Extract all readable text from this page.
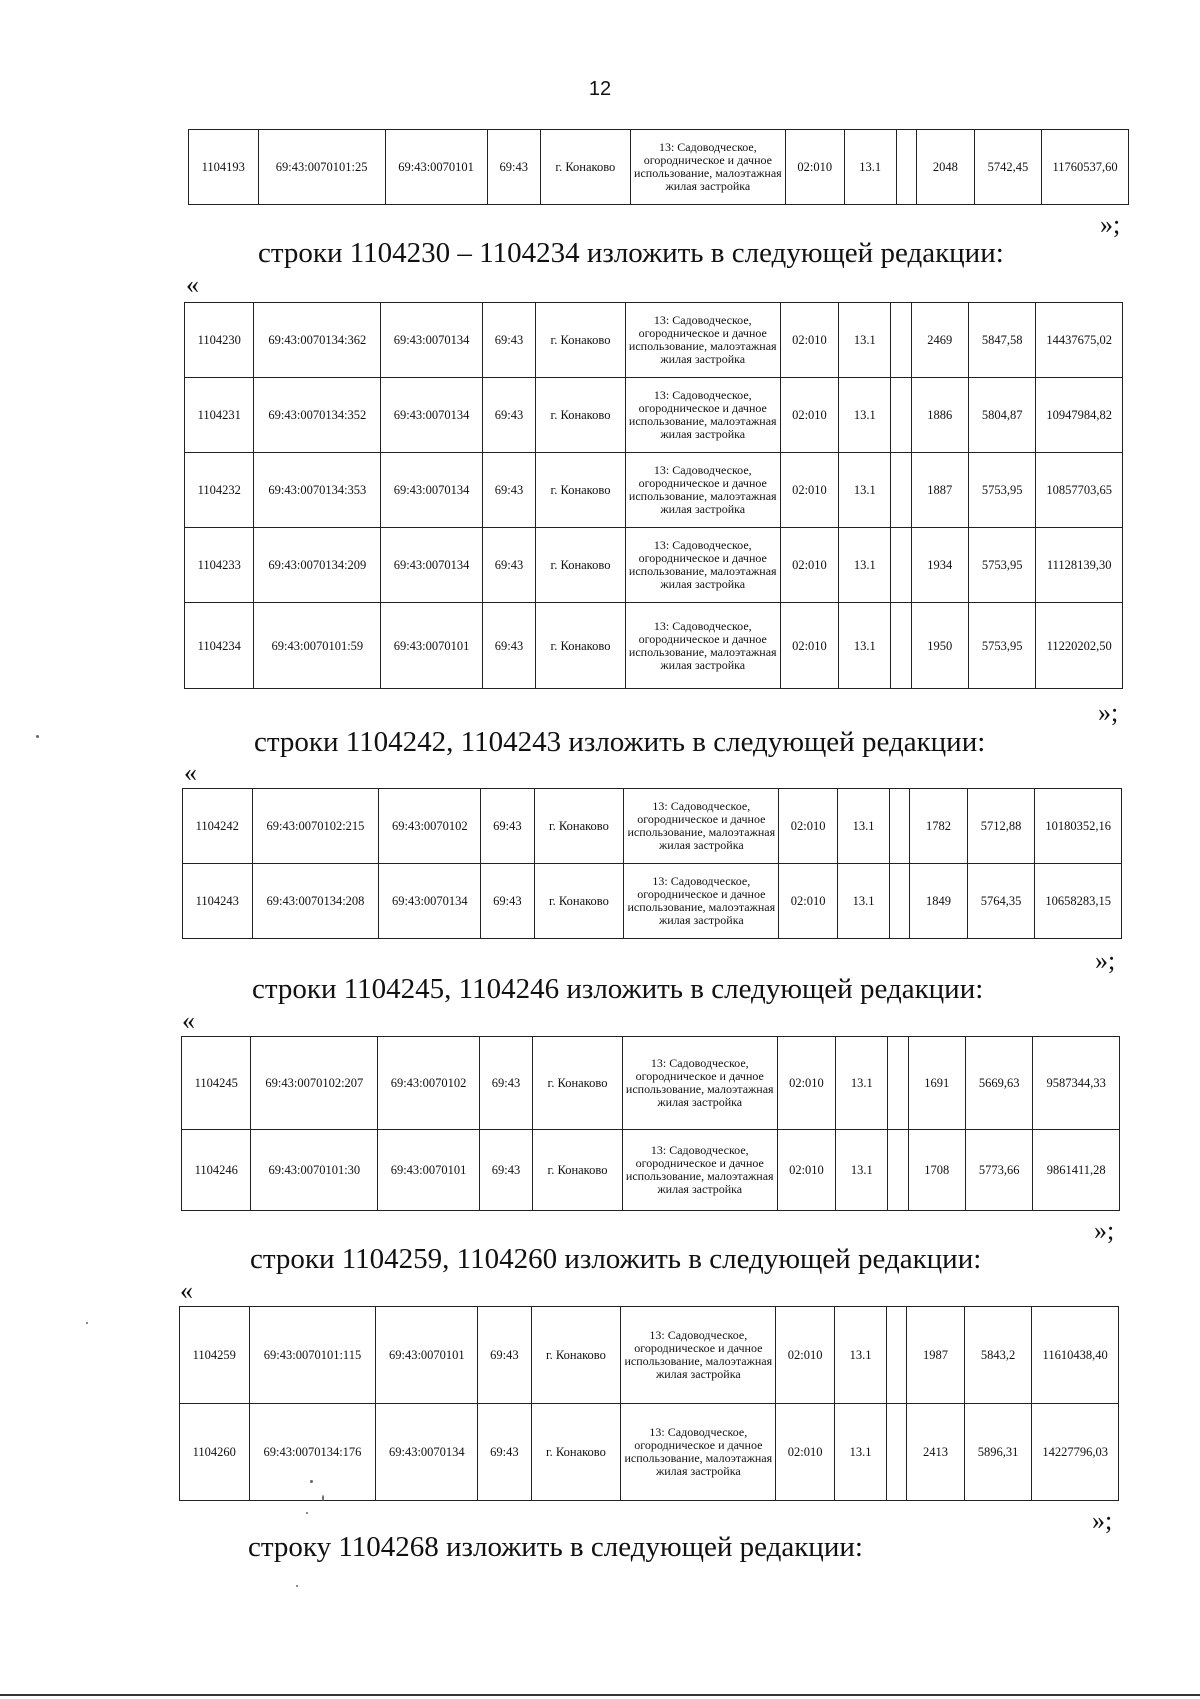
12
1104193	69:43:0070101:25	69:43:0070101	69:43	г. Конаково	13: Садоводческое, огородническое и дачное использование, малоэтажная жилая застройка	02:010	13.1		2048	5742,45	11760537,60
»;
строки 1104230 – 1104234 изложить в следующей редакции:
«
1104230	69:43:0070134:362	69:43:0070134	69:43	г. Конаково	13: Садоводческое, огородническое и дачное использование, малоэтажная жилая застройка	02:010	13.1		2469	5847,58	14437675,02
1104231	69:43:0070134:352	69:43:0070134	69:43	г. Конаково	13: Садоводческое, огородническое и дачное использование, малоэтажная жилая застройка	02:010	13.1		1886	5804,87	10947984,82
1104232	69:43:0070134:353	69:43:0070134	69:43	г. Конаково	13: Садоводческое, огородническое и дачное использование, малоэтажная жилая застройка	02:010	13.1		1887	5753,95	10857703,65
1104233	69:43:0070134:209	69:43:0070134	69:43	г. Конаково	13: Садоводческое, огородническое и дачное использование, малоэтажная жилая застройка	02:010	13.1		1934	5753,95	11128139,30
1104234	69:43:0070101:59	69:43:0070101	69:43	г. Конаково	13: Садоводческое, огородническое и дачное использование, малоэтажная жилая застройка	02:010	13.1		1950	5753,95	11220202,50
»;
строки 1104242, 1104243 изложить в следующей редакции:
«
1104242	69:43:0070102:215	69:43:0070102	69:43	г. Конаково	13: Садоводческое, огородническое и дачное использование, малоэтажная жилая застройка	02:010	13.1		1782	5712,88	10180352,16
1104243	69:43:0070134:208	69:43:0070134	69:43	г. Конаково	13: Садоводческое, огородническое и дачное использование, малоэтажная жилая застройка	02:010	13.1		1849	5764,35	10658283,15
»;
строки 1104245, 1104246 изложить в следующей редакции:
«
1104245	69:43:0070102:207	69:43:0070102	69:43	г. Конаково	13: Садоводческое, огородническое и дачное использование, малоэтажная жилая застройка	02:010	13.1		1691	5669,63	9587344,33
1104246	69:43:0070101:30	69:43:0070101	69:43	г. Конаково	13: Садоводческое, огородническое и дачное использование, малоэтажная жилая застройка	02:010	13.1		1708	5773,66	9861411,28
»;
строки 1104259, 1104260 изложить в следующей редакции:
«
1104259	69:43:0070101:115	69:43:0070101	69:43	г. Конаково	13: Садоводческое, огородническое и дачное использование, малоэтажная жилая застройка	02:010	13.1		1987	5843,2	11610438,40
1104260	69:43:0070134:176	69:43:0070134	69:43	г. Конаково	13: Садоводческое, огородническое и дачное использование, малоэтажная жилая застройка	02:010	13.1		2413	5896,31	14227796,03
»;
строку 1104268 изложить в следующей редакции:
